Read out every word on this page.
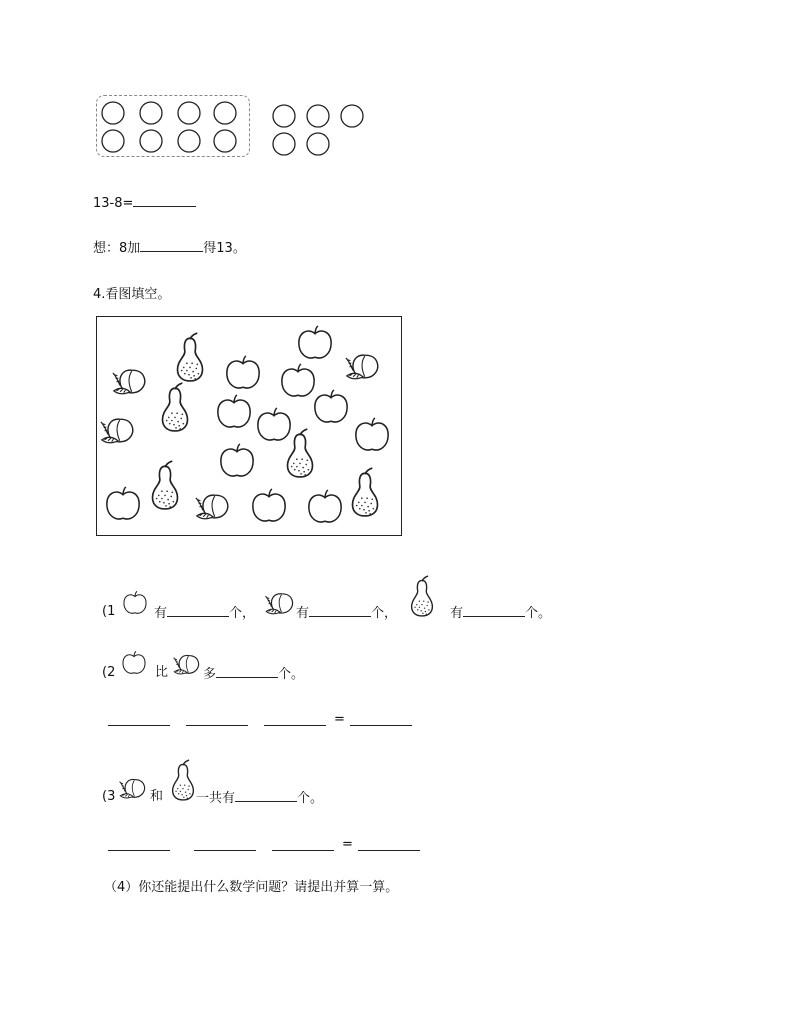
13-8=
想：8加	得13。
4.看图填空。
(1	有	个，	有	个，	有	个。
(2	比	多	个。
=
(3	和	一共有	个。
=
（4）你还能提出什么数学问题？请提出并算一算。
